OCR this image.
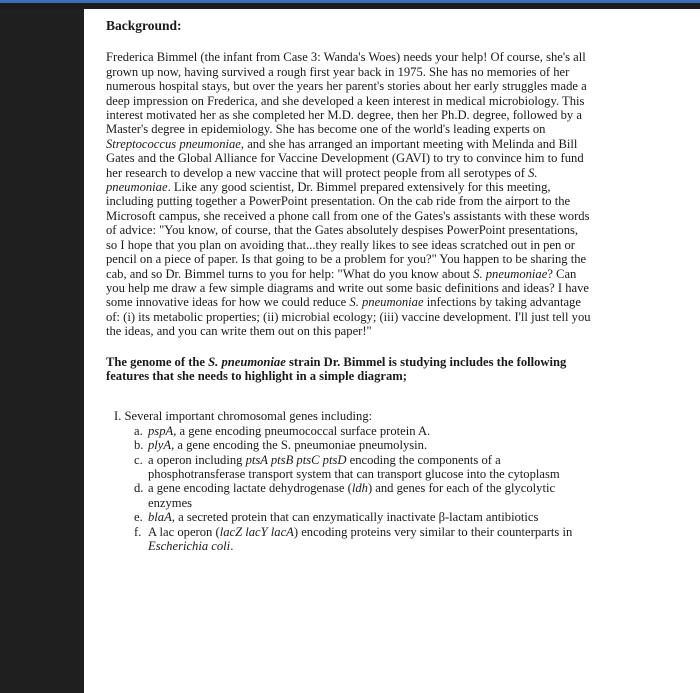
Background:

Frederica Bimmel (the infant from Case 3: Wanda's Woes) needs your help! Of course, she's all grown up now, having survived a rough first year back in 1975. She has no memories of her numerous hospital stays, but over the years her parent's stories about her early struggles made a deep impression on Frederica, and she developed a keen interest in medical microbiology. This interest motivated her as she completed her M.D. degree, then her Ph.D. degree, followed by a Master's degree in epidemiology. She has become one of the world's leading experts on Streptococcus pneumoniae, and she has arranged an important meeting with Melinda and Bill Gates and the Global Alliance for Vaccine Development (GAVI) to try to convince him to fund her research to develop a new vaccine that will protect people from all serotypes of S. pneumoniae. Like any good scientist, Dr. Bimmel prepared extensively for this meeting, including putting together a PowerPoint presentation. On the cab ride from the airport to the Microsoft campus, she received a phone call from one of the Gates's assistants with these words of advice: "You know, of course, that the Gates absolutely despises PowerPoint presentations, so I hope that you plan on avoiding that...they really likes to see ideas scratched out in pen or pencil on a piece of paper. Is that going to be a problem for you?" You happen to be sharing the cab, and so Dr. Bimmel turns to you for help: "What do you know about S. pneumoniae? Can you help me draw a few simple diagrams and write out some basic definitions and ideas? I have some innovative ideas for how we could reduce S. pneumoniae infections by taking advantage of: (i) its metabolic properties; (ii) microbial ecology; (iii) vaccine development. I'll just tell you the ideas, and you can write them out on this paper!"

The genome of the S. pneumoniae strain Dr. Bimmel is studying includes the following features that she needs to highlight in a simple diagram;

I. Several important chromosomal genes including:
a. pspA, a gene encoding pneumococcal surface protein A.
b. plyA, a gene encoding the S. pneumoniae pneumolysin.
c. a operon including ptsA ptsB ptsC ptsD encoding the components of a phosphotransferase transport system that can transport glucose into the cytoplasm
d. a gene encoding lactate dehydrogenase (ldh) and genes for each of the glycolytic enzymes
e. blaA, a secreted protein that can enzymatically inactivate β-lactam antibiotics
f. A lac operon (lacZ lacY lacA) encoding proteins very similar to their counterparts in Escherichia coli.
